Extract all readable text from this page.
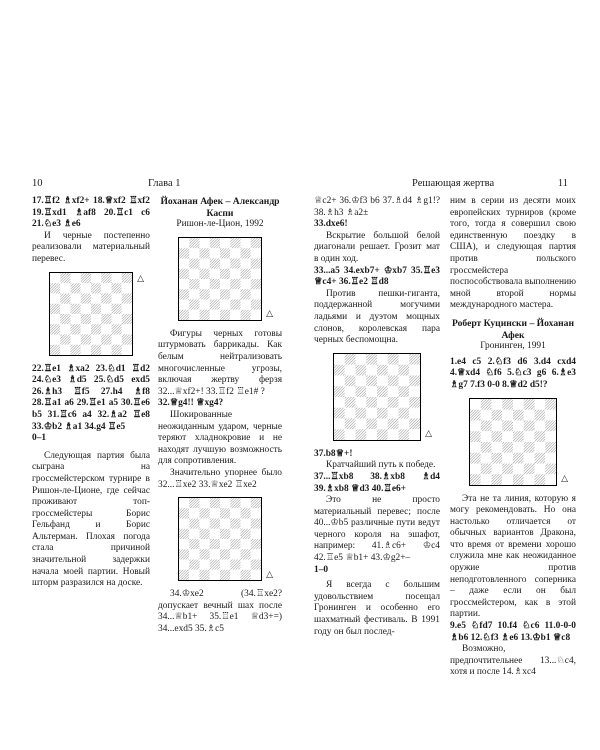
10	Глава 1

17.♖f2 ♗xf2+ 18.♕xf2 ♖xf2 19.♖xd1 ♗af8 20.♖c1 c6 21.♘e3 ♗e6

И черные постепенно реализовали материальный перевес.

△

22.♖e1 ♗xa2 23.♘d1 ♖d2 24.♘e3 ♗d5 25.♘d5 exd5 26.♗h3 ♖f5 27.h4 ♗f8 28.♖a1 a6 29.♖e1 a5 30.♖e6 b5 31.♖c6 a4 32.♗a2 ♖e8 33.♔b2 ♗a1 34.g4 ♖e5

0–1

Следующая партия была сыграна на гроссмейстерском турнире в Ришон-ле-Ционе, где сейчас проживают топ-гроссмейстеры Борис Гельфанд и Борис Альтерман. Плохая погода стала причиной значительной задержки начала моей партии. Новый шторм разразился на доске.

Йоханан Афек – Александр Каспи

Ришон-ле-Цион, 1992

△

Фигуры черных готовы штурмовать баррикады. Как белым нейтрализовать многочисленные угрозы, включая жертву ферзя 32...♕xf2+! 33.♖f2 ♖e1# ?

32.♕g4!! ♕xg4?

Шокированные неожиданным ударом, черные теряют хладнокровие и не находят лучшую возможность для сопротивления.

Значительно упорнее было 32...♖xe2 33.♕xe2 ♖xe2

△

34.♔xe2 (34.♖xe2? допускает вечный шах после 34...♕b1+ 35.♖e1 ♕d3+=) 34...exd5 35.♗c5

Решающая жертва	11

♕c2+ 36.♔f3 b6 37.♗d4 ♗g1!? 38.♗h3 ♗a2±

33.dxe6!

Вскрытие большой белой диагонали решает. Грозит мат в один ход.

33...a5 34.exb7+ ♔xb7 35.♖e3 ♕c4+ 36.♖e2 ♖d8

Против пешки-гиганта, поддержанной могучими ладьями и дуэтом мощных слонов, королевская пара черных беспомощна.

△

37.b8♕+!

Кратчайший путь к победе.

37...♖xb8 38.♗xb8 ♗d4 39.♗xb8 ♕d3 40.♖e6+

Это не просто материальный перевес; после 40...♔b5 различные пути ведут черного короля на эшафот, например: 41.♗c6+ ♔c4 42.♖e5 ♕b1+ 43.♔g2+–

1–0

Я всегда с большим удовольствием посещал Гронинген и особенно его шахматный фестиваль. В 1991 году он был послед-

ним в серии из десяти моих европейских турниров (кроме того, тогда я совершил свою единственную поездку в США), и следующая партия против польского гроссмейстера поспособствовала выполнению мной второй нормы международного мастера.

Роберт Куцински – Йоханан Афек

Гронинген, 1991

1.e4 c5 2.♘f3 d6 3.d4 cxd4 4.♕xd4 ♘f6 5.♘c3 g6 6.♗e3 ♗g7 7.f3 0-0 8.♕d2 d5!?

△

Эта не та линия, которую я могу рекомендовать. Но она настолько отличается от обычных вариантов Дракона, что время от времени хорошо служила мне как неожиданное оружие против неподготовленного соперника – даже если он был гроссмейстером, как в этой партии.

9.e5 ♘fd7 10.f4 ♘c6 11.0-0-0 ♗b6 12.♘f3 ♗e6 13.♔b1 ♕c8

Возможно, предпочтительнее 13...♘c4, хотя и после 14.♗xc4
